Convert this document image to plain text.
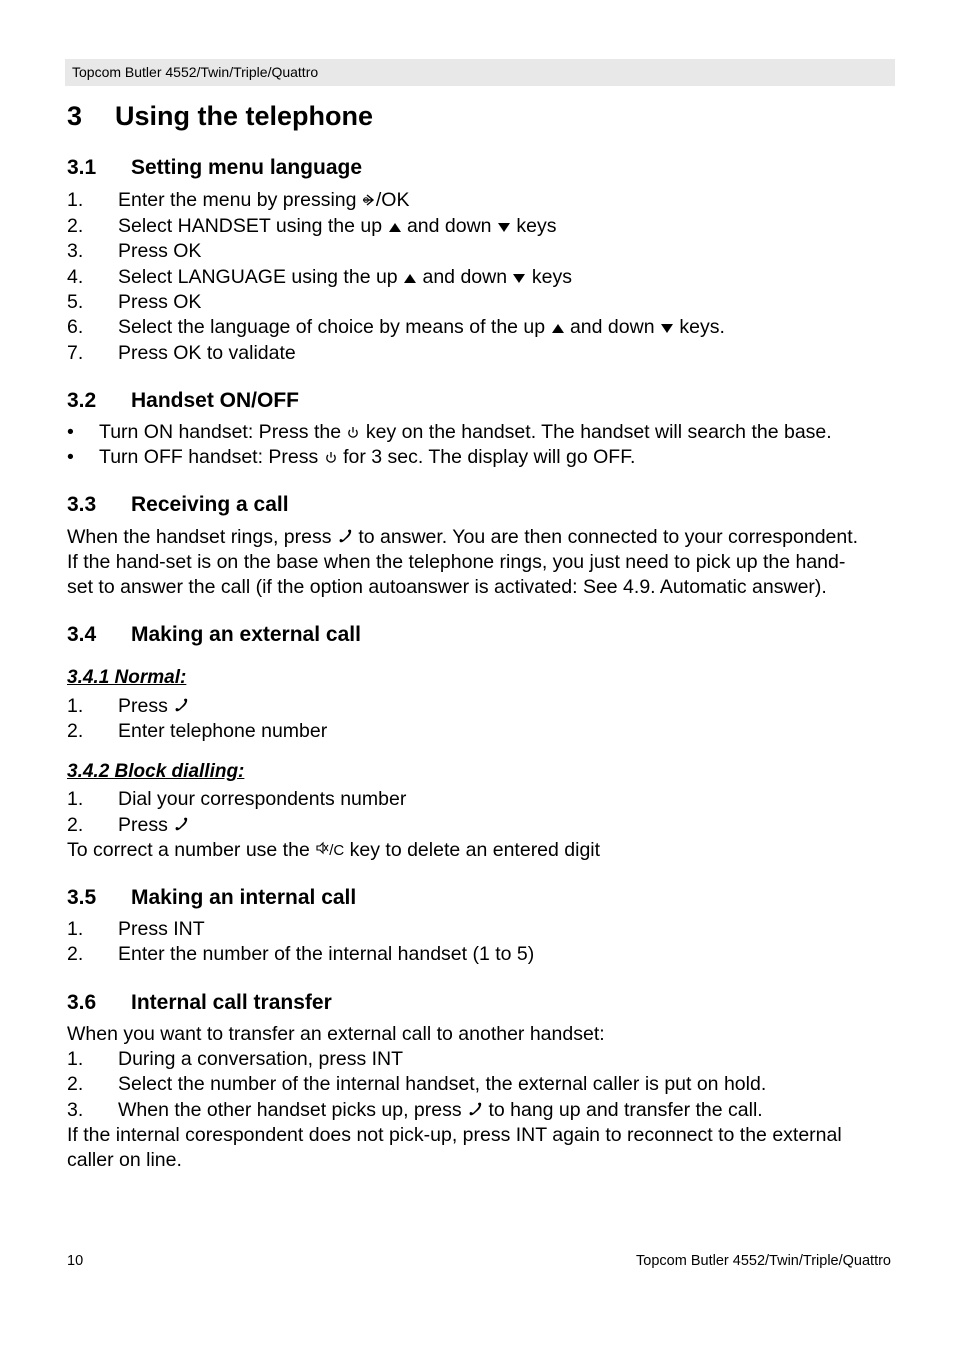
Topcom Butler 4552/Twin/Triple/Quattro
3 Using the telephone
3.1 Setting menu language
1. Enter the menu by pressing /OK
2. Select HANDSET using the up  and down  keys
3. Press OK
4. Select LANGUAGE using the up  and down  keys
5. Press OK
6. Select the language of choice by means of the up  and down  keys.
7. Press OK to validate
3.2 Handset ON/OFF
• Turn ON handset: Press the  key on the handset. The handset will search the base.
• Turn OFF handset: Press  for 3 sec. The display will go OFF.
3.3 Receiving a call
When the handset rings, press  to answer. You are then connected to your correspondent.
If the hand-set is on the base when the telephone rings, you just need to pick up the hand-
set to answer the call (if the option autoanswer is activated: See 4.9. Automatic answer).
3.4 Making an external call
3.4.1 Normal:
1. Press
2. Enter telephone number
3.4.2 Block dialling:
1. Dial your correspondents number
2. Press
To correct a number use the /C key to delete an entered digit
3.5 Making an internal call
1. Press INT
2. Enter the number of the internal handset (1 to 5)
3.6 Internal call transfer
When you want to transfer an external call to another handset:
1. During a conversation, press INT
2. Select the number of the internal handset, the external caller is put on hold.
3. When the other handset picks up, press  to hang up and transfer the call.
If the internal corespondent does not pick-up, press INT again to reconnect to the external
caller on line.
10	Topcom Butler 4552/Twin/Triple/Quattro
